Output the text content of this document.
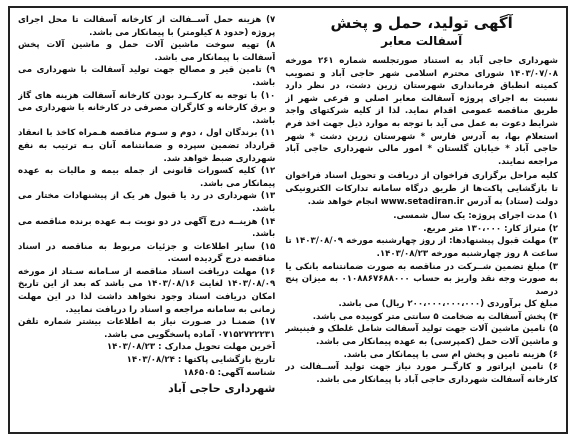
آگهی تولید، حمل و پخش
آسفالت معابر

شهرداری حاجی آباد به استناد صورتجلسه شماره ۲۶۱ مورخه ۱۴۰۳/۰۷/۰۸ شورای محترم اسلامی شهر حاجی آباد و تصویب کمیته انطباق فرمانداری شهرستان زرین دشت، در نظر دارد نسبت به اجرای پروژه آسفالت معابر اصلی و فرعی شهر از طریق مناقصه عمومی اقدام نماید. لذا از کلیه شرکتهای واجد شرایط دعوت به عمل می آید با توجه به موارد ذیل جهت اخذ فرم استعلام بها، به آدرس فارس * شهرستان زرین دشت * شهر حاجی آباد * خیابان گلستان * امور مالی شهرداری حاجی آباد مراجعه نمایند.

کلیه مراحل برگزاری فراخوان از دریافت و تحویل اسناد فراخوان تا بازگشایی پاکت‌ها از طریق درگاه سامانه تدارکات الکترونیکی دولت (ستاد) به آدرس www.setadiran.ir انجام خواهد شد.

۱) مدت اجرای پروژه: یک سال شمسی.

۲) متراژ کار: ۱۳۰،۰۰۰ متر مربع.

۳) مهلت قبول پیشنهادها: از روز چهارشنبه مورخه ۱۴۰۳/۰۸/۰۹ تا ساعت ۸ روز چهارشنبه مورخه ۱۴۰۳/۰۸/۲۳.

۳) مبلغ تضمین شــرکت در مناقصه به صورت ضمانتنامه بانکی یا به صورت وجه نقد واریز به حساب ۰۱۰۸۸۶۷۶۸۸۰۰۰ به میزان پنج درصد

مبلغ کل برآوردی (۲۰۰،۰۰۰،۰۰۰،۰۰۰ ریال) می باشد.

۴) پخش آسفالت به ضخامت ۵ سانتی متر کوبیده می باشد.

۵) تامین ماشین آلات جهت تولید آسفالت شامل غلطک و فینیشر و ماشین آلات حمل (کمپرسی) به عهده پیمانکار می باشد.

۶) هزینه تامین و پخش ام سی با پیمانکار می باشد.

۶) تامین اپراتور و کارگــر مورد نیاز جهت تولید آســفالت در کارخانه آسفالت شهرداری حاجی آباد با پیمانکار می باشد.

۷) هزینه حمل آســفالت از کارخانه آسفالت تا محل اجرای پروژه (حدود ۸ کیلومتر) با پیمانکار می باشد.

۸) تهیه سوخت ماشین آلات حمل و ماشین آلات پخش آسفالت با پیمانکار می باشد.

۹) تامین قیر و مصالح جهت تولید آسفالت با شهرداری می باشد.

۱۰) با توجه به کارکــرد بودن کارخانه آسفالت هزینه های گاز و برق کارخانه و کارگران مصرفی در کارخانه با شهرداری می باشد.

۱۱) برندگان اول ، دوم و سـوم مناقصه هـمراه کاخذ با انعقاد قرارداد تضمین سپرده و ضمانتنامه آنان بـه ترتیب به نفع شهرداری ضبط خواهد شد.

۱۲) کلیه کسورات قانونی از جمله بیمه و مالیات به عهده پیمانکار می باشد.

۱۳) شهرداری در رد یا قبول هر یک از پیشنهادات مختار می باشد.

۱۴) هزینــه درج آگهی در دو نوبت بـه عهده برنده مناقصه می باشد.

۱۵) سایر اطلاعات و جزئیات مربوط به مناقصه در اسناد مناقصه درج گردیده است.

۱۶) مهلت دریافت اسناد مناقصه از سـامانه سـتاد از مورخه ۱۴۰۳/۰۸/۰۹ لغایت ۱۴۰۳/۰۸/۱۶ می باشد که بعد از این تاریخ امکان دریافت اسناد وجود نخواهد داشت لذا در این مهلت زمانی به سامانه مراجعه و اسناد را دریافت نمایید.

۱۷) ضمنـا در صـورت نیاز به اطلاعات بیشتر شماره تلفن ۰۷۱۵۲۷۲۲۲۳۱ آماده پاسخگویی می باشد.

آخرین مهلت تحویل مدارک : ۱۴۰۳/۰۸/۲۳

تاریخ بازگشایی پاکتها : ۱۴۰۳/۰۸/۲۴

شناسه آگهی: ۱۸۶۵۰۵

شهرداری حاجی آباد
